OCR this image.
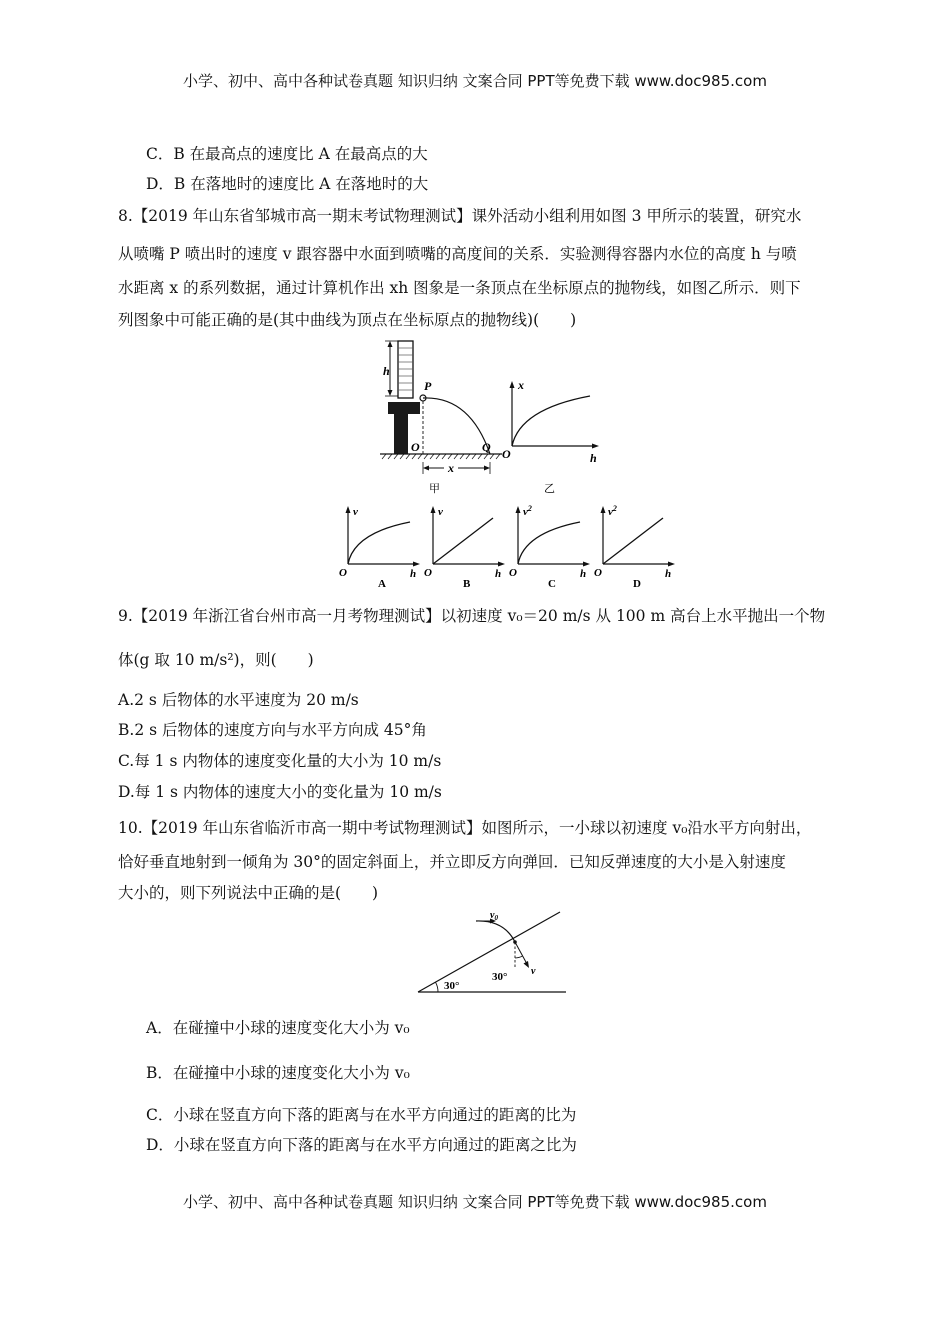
小学、初中、高中各种试卷真题 知识归纳 文案合同 PPT等免费下载 www.doc985.com
C．B 在最高点的速度比 A 在最高点的大
D．B 在落地时的速度比 A 在落地时的大
8.【2019 年山东省邹城市高一期末考试物理测试】课外活动小组利用如图 3 甲所示的装置，研究水
从喷嘴 P 喷出时的速度 v 跟容器中水面到喷嘴的高度间的关系．实验测得容器内水位的高度 h 与喷
水距离 x 的系列数据，通过计算机作出 xh 图象是一条顶点在坐标原点的抛物线，如图乙所示．则下
列图象中可能正确的是(其中曲线为顶点在坐标原点的抛物线)(　　)
h
P
O	Q
x
甲
x
h
O
乙
v
h
O
A
v
h
O
B
$v^2$
h
O
C
$v^2$
h
O
D
9.【2019 年浙江省台州市高一月考物理测试】以初速度 v₀＝20 m/s 从 100 m 高台上水平抛出一个物
体(g 取 10 m/s²)，则(　　)
A.2 s 后物体的水平速度为 20 m/s
B.2 s 后物体的速度方向与水平方向成 45°角
C.每 1 s 内物体的速度变化量的大小为 10 m/s
D.每 1 s 内物体的速度大小的变化量为 10 m/s
10.【2019 年山东省临沂市高一期中考试物理测试】如图所示，一小球以初速度 v₀沿水平方向射出，
恰好垂直地射到一倾角为 30°的固定斜面上，并立即反方向弹回．已知反弹速度的大小是入射速度
大小的，则下列说法中正确的是(　　)
30°
$v_0$
v
30°
A．在碰撞中小球的速度变化大小为 v₀
B．在碰撞中小球的速度变化大小为 v₀
C．小球在竖直方向下落的距离与在水平方向通过的距离的比为
D．小球在竖直方向下落的距离与在水平方向通过的距离之比为
小学、初中、高中各种试卷真题 知识归纳 文案合同 PPT等免费下载 www.doc985.com
